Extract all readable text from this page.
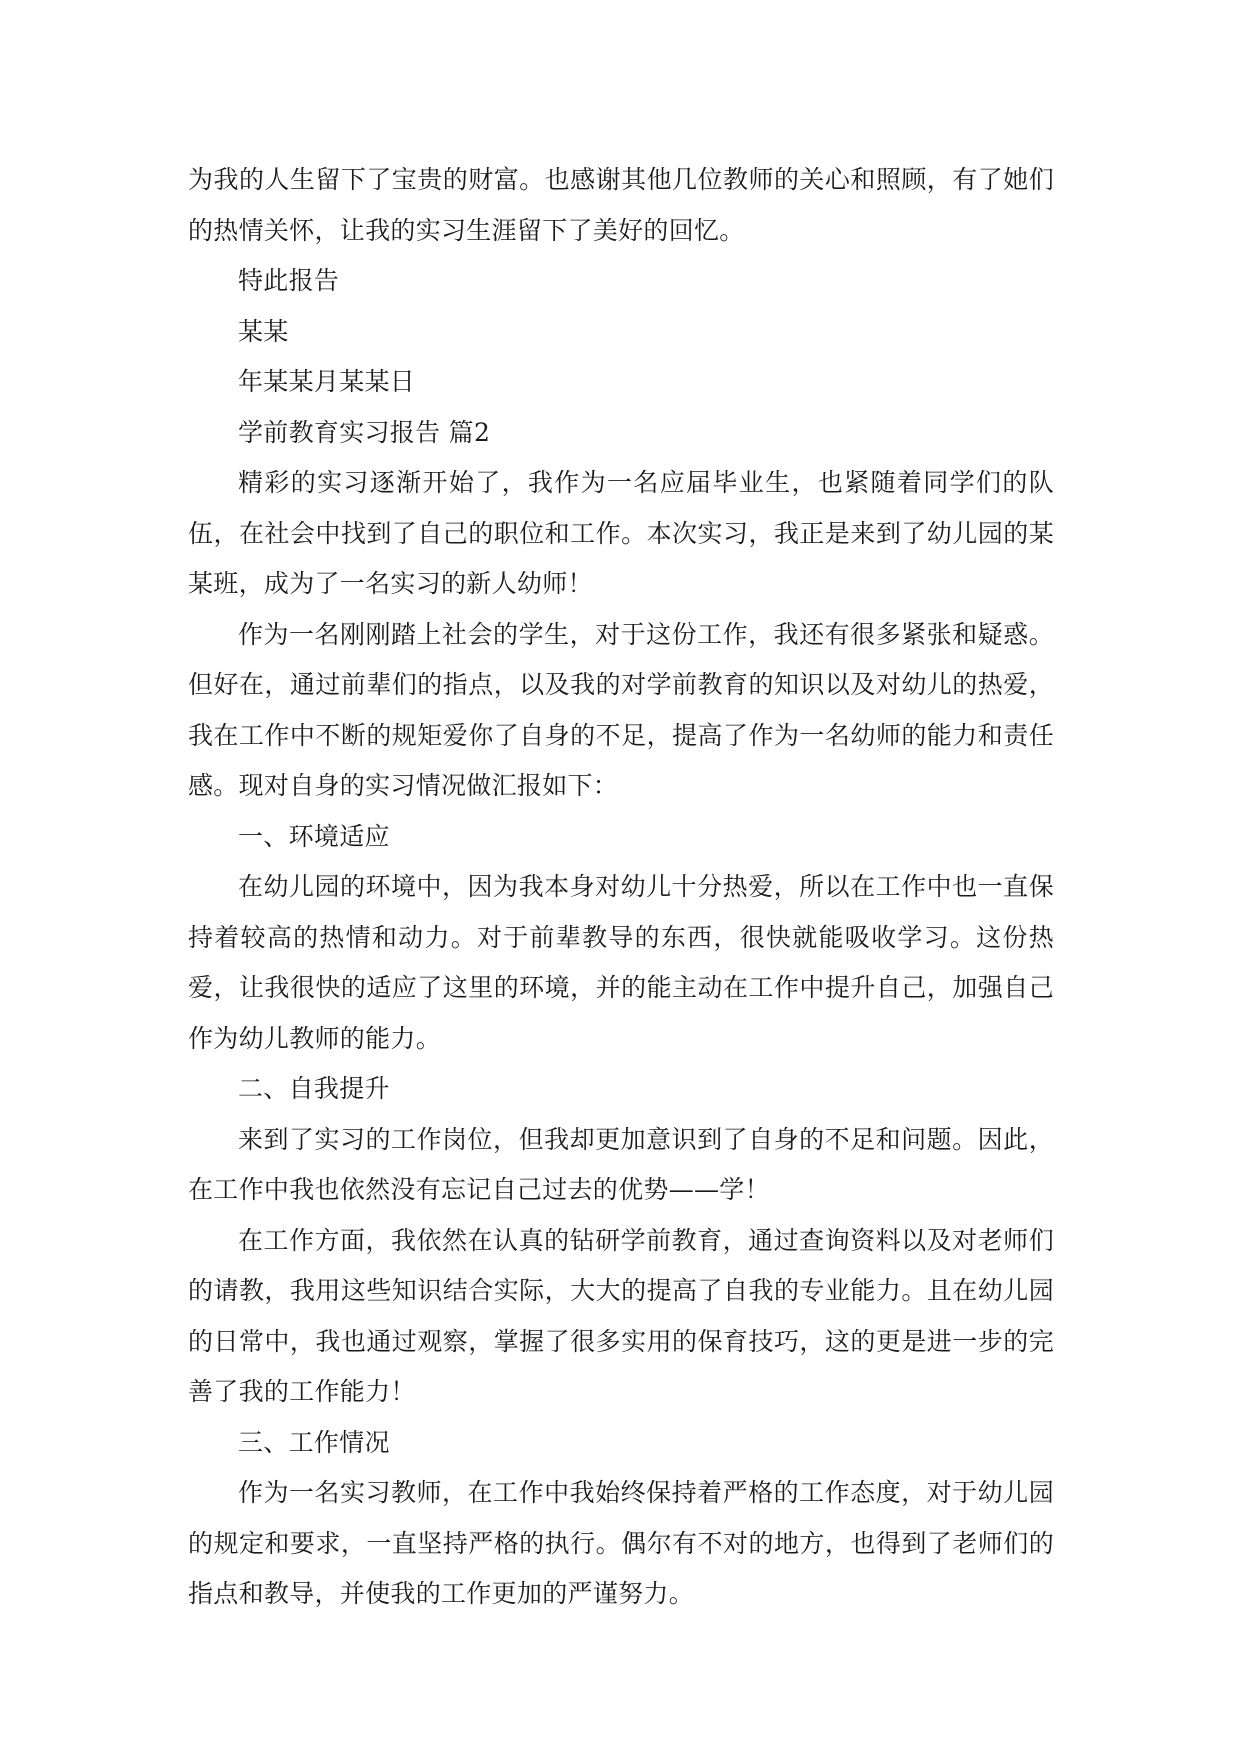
为我的人生留下了宝贵的财富。也感谢其他几位教师的关心和照顾，有了她们的热情关怀，让我的实习生涯留下了美好的回忆。

特此报告

某某

年某某月某某日

学前教育实习报告 篇2

精彩的实习逐渐开始了，我作为一名应届毕业生，也紧随着同学们的队伍，在社会中找到了自己的职位和工作。本次实习，我正是来到了幼儿园的某某班，成为了一名实习的新人幼师！

作为一名刚刚踏上社会的学生，对于这份工作，我还有很多紧张和疑惑。但好在，通过前辈们的指点，以及我的对学前教育的知识以及对幼儿的热爱，我在工作中不断的规矩爱你了自身的不足，提高了作为一名幼师的能力和责任感。现对自身的实习情况做汇报如下：

一、环境适应

在幼儿园的环境中，因为我本身对幼儿十分热爱，所以在工作中也一直保持着较高的热情和动力。对于前辈教导的东西，很快就能吸收学习。这份热爱，让我很快的适应了这里的环境，并的能主动在工作中提升自己，加强自己作为幼儿教师的能力。

二、自我提升

来到了实习的工作岗位，但我却更加意识到了自身的不足和问题。因此，在工作中我也依然没有忘记自己过去的优势——学！

在工作方面，我依然在认真的钻研学前教育，通过查询资料以及对老师们的请教，我用这些知识结合实际，大大的提高了自我的专业能力。且在幼儿园的日常中，我也通过观察，掌握了很多实用的保育技巧，这的更是进一步的完善了我的工作能力！

三、工作情况

作为一名实习教师，在工作中我始终保持着严格的工作态度，对于幼儿园的规定和要求，一直坚持严格的执行。偶尔有不对的地方，也得到了老师们的指点和教导，并使我的工作更加的严谨努力。
